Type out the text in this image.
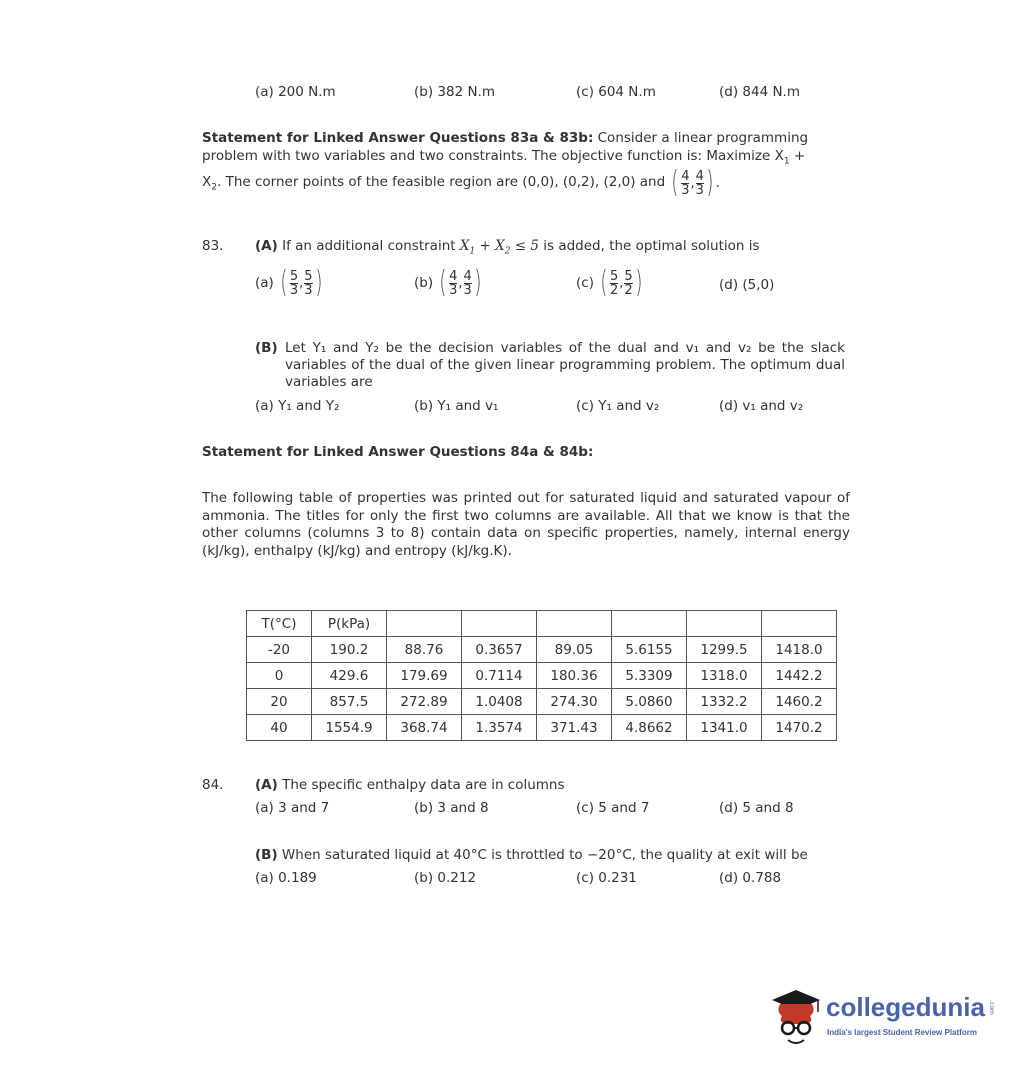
(a) 200 N.m	(b) 382 N.m	(c) 604 N.m	(d) 844 N.m
Statement for Linked Answer Questions 83a & 83b: Consider a linear programming
problem with two variables and two constraints. The objective function is: Maximize $X_1$ +
$X_2$. The corner points of the feasible region are (0,0), (0,2), (2,0) and ( $\frac{4}{3}$ , $\frac{4}{3}$ ) .
83. (A) If an additional constraint $X_1 + X_2 \le 5$ is added, the optimal solution is
(a) ( $\frac{5}{3}$ , $\frac{5}{3}$ )	(b) ( $\frac{4}{3}$ , $\frac{4}{3}$ )	(c) ( $\frac{5}{2}$ , $\frac{5}{2}$ )	(d) (5,0)
(B) Let Y₁ and Y₂ be the decision variables of the dual and v₁ and v₂ be the slack variables of the dual of the given linear programming problem. The optimum dual variables are
(a) Y₁ and Y₂	(b) Y₁ and v₁	(c) Y₁ and v₂	(d) v₁ and v₂
Statement for Linked Answer Questions 84a & 84b:
The following table of properties was printed out for saturated liquid and saturated vapour of ammonia. The titles for only the first two columns are available. All that we know is that the other columns (columns 3 to 8) contain data on specific properties, namely, internal energy (kJ/kg), enthalpy (kJ/kg) and entropy (kJ/kg.K).
T(°C)	P(kPa)						
-20	190.2	88.76	0.3657	89.05	5.6155	1299.5	1418.0
0	429.6	179.69	0.7114	180.36	5.3309	1318.0	1442.2
20	857.5	272.89	1.0408	274.30	5.0860	1332.2	1460.2
40	1554.9	368.74	1.3574	371.43	4.8662	1341.0	1470.2
84. (A) The specific enthalpy data are in columns
(a) 3 and 7	(b) 3 and 8	(c) 5 and 7	(d) 5 and 8
(B) When saturated liquid at 40°C is throttled to −20°C, the quality at exit will be
(a) 0.189	(b) 0.212	(c) 0.231	(d) 0.788
collegedunia .com
India's largest Student Review Platform
